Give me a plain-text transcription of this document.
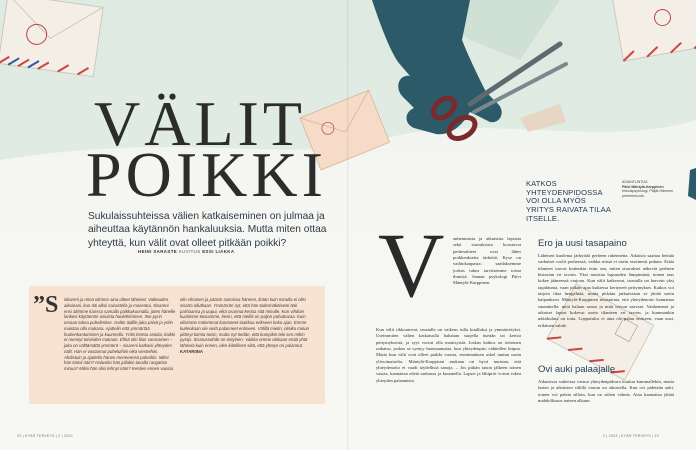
VÄLIT
POIKKI

Sukulaissuhteissa välien katkaiseminen on julmaa ja aiheuttaa käytännön hankaluuksia. Mutta miten ottaa yhteyttä, kun välit ovat olleet pitkään poikki?

HEINI SARASTE KUVITUS ESSI LIAKKA
”S	iskareni ja minä olimme aina olleet läheiset. Vaikeuden aikoinani, kun äiti alkoi sairastella ja masentui, Sisareni ensi äitimme kanssa samalla paikkakunnalla, joten hänelle lankesi käytännön asioista huolehtiminen. Itse pyrin omaan tukea puhelimitse. Isoltin äidille joka päivä ja yritin muistaa olla mukana. Ajattelin että ymmärtää huolenkantamisen ja kuunnella. Yritin kertoa asioita, kaikki ei mennyt toiveiden mukaan. Ehkä olin liian varovainen – joka on välttämättä ymmärrä – sisareni katkaisi yhteyden välit. Hän ei vastannut puheluihini eikä viesteihini. Ahdistuin ja ajattelin hänen menneensä pahoihin. Miksi hän toimii näin? Halusiko hän jollakin tavalla rangaista minua? Miksi hän olisi tehnyt näin? Kenties ennen vuosia.

olin vihainen ja pääsin sanoissa häneen, ikään kuin minulla ei olisi sisarta ollutkaan. Ymmärrän nyt, että hän todennäköisesti teki parhaansa ja uupui, eikä osannut kertoa sitä minulle. Kun vihdoin kuulimme toisiamme, tiesin, että meillä on paljon puhuttavaa. Kuin olisimme molemmat kantaneet taakkaa erikseen koko ajan. Emme kuitenkaan ole vielä palanneet entiseen. Välillä mietin, olisiko minun pitänyt toimia toisin, mutta nyt tiedän, että kumpikin teki sen mihin pystyi. Sisarussuhde on erityinen. Vaikka emme olekaan enää yhtä läheisiä kuin ennen, olen kiitollinen siitä, että yhteys on palannut. KATARIINA

KATKOS YHTEYDENPIDOSSA VOI OLLA MYÖS YRITYS RAIVATA TILAA ITSELLE.

ASIANTUNTIJA
Päivi Mäntylä-Karppinen
erikoispsykologi, Päijät-Hämeen perheneuvola

V anhemmista ja aikuisista lapsista sekä sisaruksista koostuvat perhesuhteet ovat lähes poikkeuksetta tärkeitä. Kyse on vaihtokaupasta: saadaksemme joskus tukea tarvitsemme toisia ihmisiä. Saman psykologi Päivi Mäntylä-Karppinen.

Kun välit rikkoutuvat, taustalla on vaikeus tulla kuulluksi ja ymmärretyksi. Useimmiten välien katkaisulla halutaan suojella itseään tai kertoa pettymyksestä, ja syyt voivat olla monisyisiä. Joskus katkos on tietoinen ratkaisu, joskus se syntyy huomaamatta, kun yhteydenpito vähitellen hiipuu. Mutta kun välit ovat olleet poikki vuosia, ensimmäinen askel tuntuu usein ylivoimaiselta. Mäntylä-Karppisen mukaan on hyvä muistaa, että yhteydenotto ei vaadi täydellisiä sanoja. – Jos pitkän tauon jälkeen toinen vastaa, kannattaa edetä rauhassa ja kuunnella. Lapset ja lähipiiri voivat tukea yhteyden palaamista.

Ero ja uusi tasapaino

Läheisen kuolema järkyttää perheen rakennetta. Aikuisia saattaa heittää varhaiset roolit perheessä, vaikka niistä ei usein avoimesti puhuta. Eräät tilanteet tuovat kuitenkin esiin sen, miten sisarukset näkevät perheen historian eri tavoin. Yksi muistaa lapsuuden lämpimänä, toinen taas kokee jääneensä varjoon. Kun välit katkeavat, taustalla on harvoin yksi tapahtuma, vaan pitkän ajan kuluessa kertyneet pettymykset. Katkos voi tarjota tilaa hengähtää, mutta pitkään jatkuessaan se jättää usein kaipauksen. Mäntylä-Karppinen muistuttaa, että yhteydenotto kannattaa suunnitella: mitä haluan sanoa ja mitä toivon saavani. Vanhemmat ja aikuiset lapset kokevat usein tilanteen eri tavoin, ja kummankin näkökulma on totta. Lopputulos ei aina ole paluu entiseen, vaan uusi, erilainen suhde.

Ovi auki palaajalle

Aikuisissa suhteissa vastuu yhteydenpidosta kuuluu kummallekin, mutta lasten ja aikuisten välillä vastuu on aikuisella. Kun ovi pidetään auki, toinen voi palata silloin, kun on siihen valmis. Aina kannattaa jättää mahdollisuus uuteen alkuun.

22 | KYÄR TERVEYS | 2 | 2024	2 | 2024 | KYÄR TERVEYS | 23
